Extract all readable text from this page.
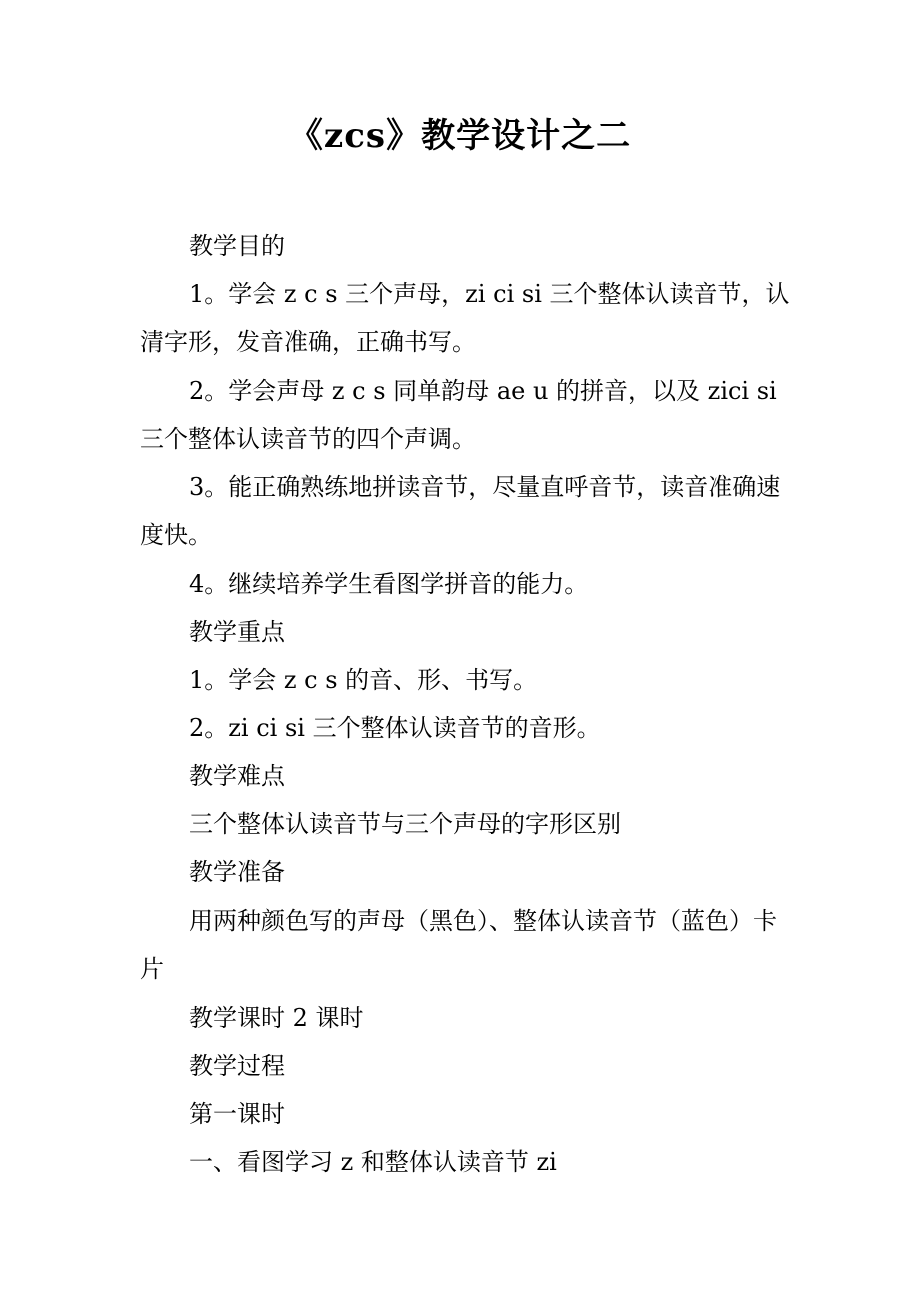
《zcs》教学设计之二

教学目的

1。学会 z c s 三个声母，zi ci si 三个整体认读音节，认清字形，发音准确，正确书写。

2。学会声母 z c s 同单韵母 ae u 的拼音，以及 zici si 三个整体认读音节的四个声调。

3。能正确熟练地拼读音节，尽量直呼音节，读音准确速度快。

4。继续培养学生看图学拼音的能力。

教学重点

1。学会 z c s 的音、形、书写。

2。zi ci si 三个整体认读音节的音形。

教学难点

三个整体认读音节与三个声母的字形区别

教学准备

用两种颜色写的声母（黑色）、整体认读音节（蓝色）卡片

教学课时 2 课时

教学过程

第一课时

一、看图学习 z 和整体认读音节 zi
